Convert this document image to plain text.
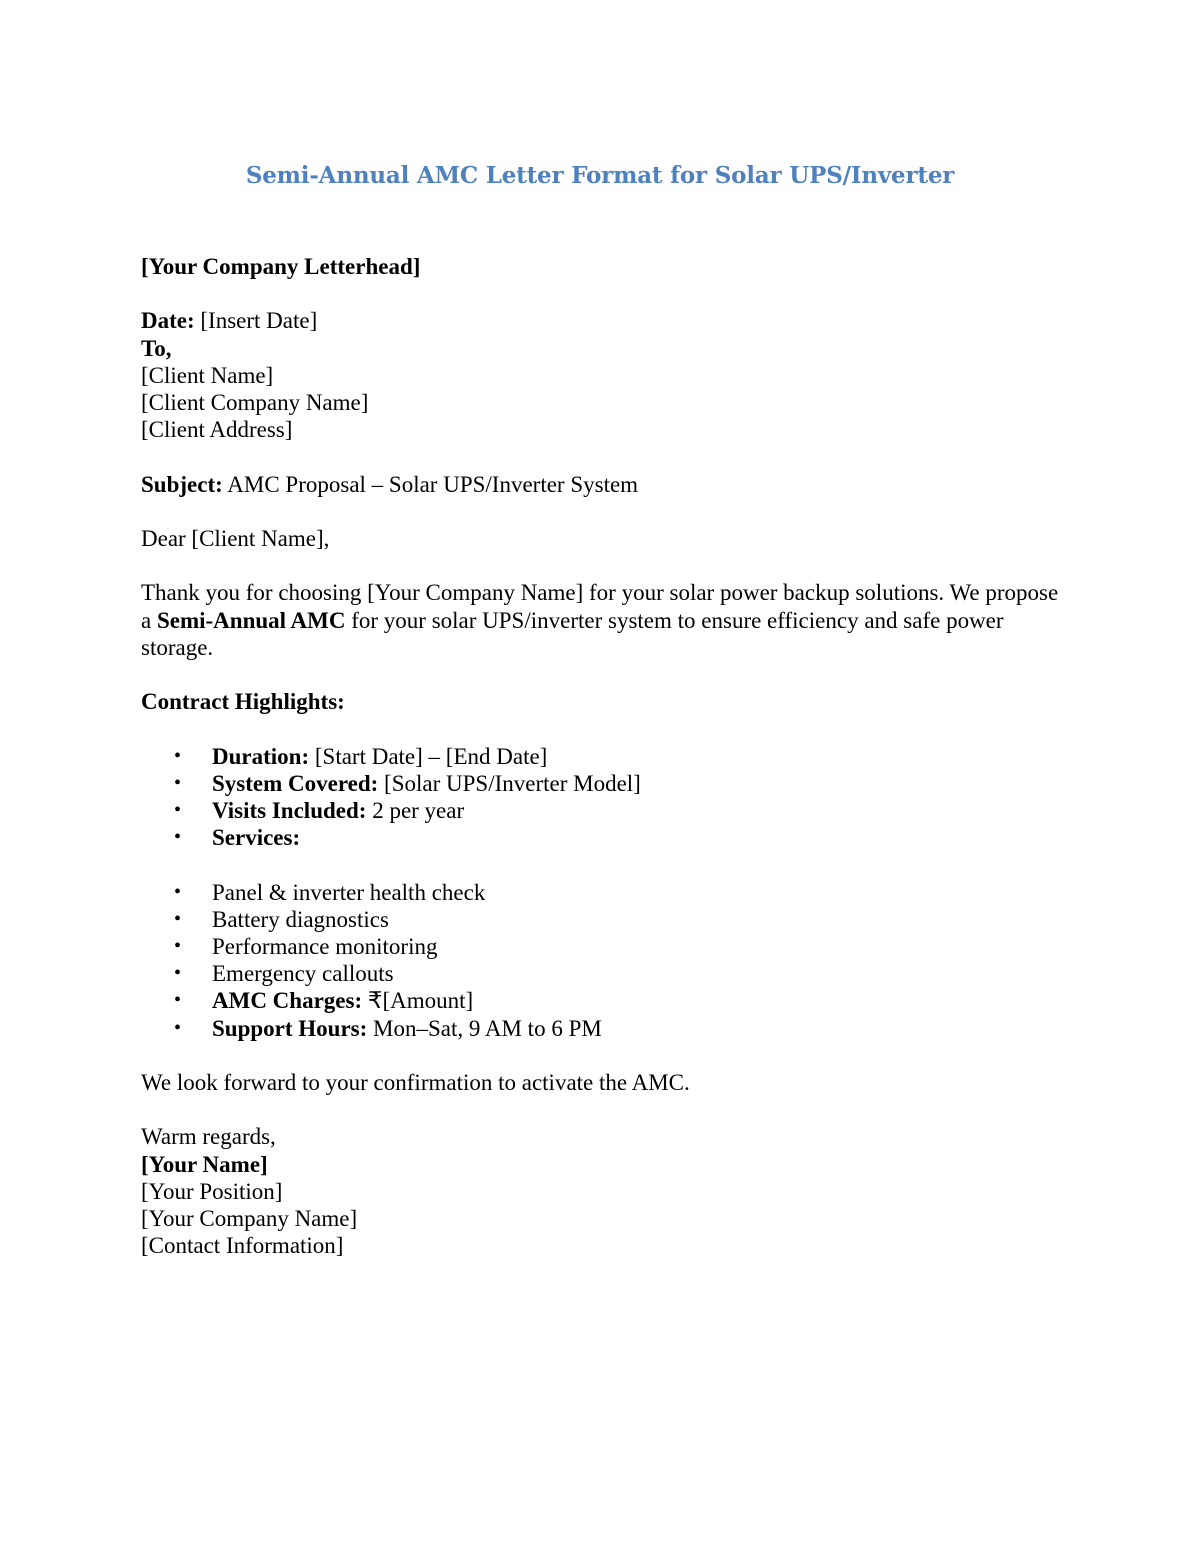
Semi-Annual AMC Letter Format for Solar UPS/Inverter
[Your Company Letterhead]
Date: [Insert Date]
To,
[Client Name]
[Client Company Name]
[Client Address]
Subject: AMC Proposal – Solar UPS/Inverter System
Dear [Client Name],
Thank you for choosing [Your Company Name] for your solar power backup solutions. We propose a Semi-Annual AMC for your solar UPS/inverter system to ensure efficiency and safe power storage.
Contract Highlights:
• Duration: [Start Date] – [End Date]
• System Covered: [Solar UPS/Inverter Model]
• Visits Included: 2 per year
• Services:
• Panel & inverter health check
• Battery diagnostics
• Performance monitoring
• Emergency callouts
• AMC Charges: ₹[Amount]
• Support Hours: Mon–Sat, 9 AM to 6 PM
We look forward to your confirmation to activate the AMC.
Warm regards,
[Your Name]
[Your Position]
[Your Company Name]
[Contact Information]
